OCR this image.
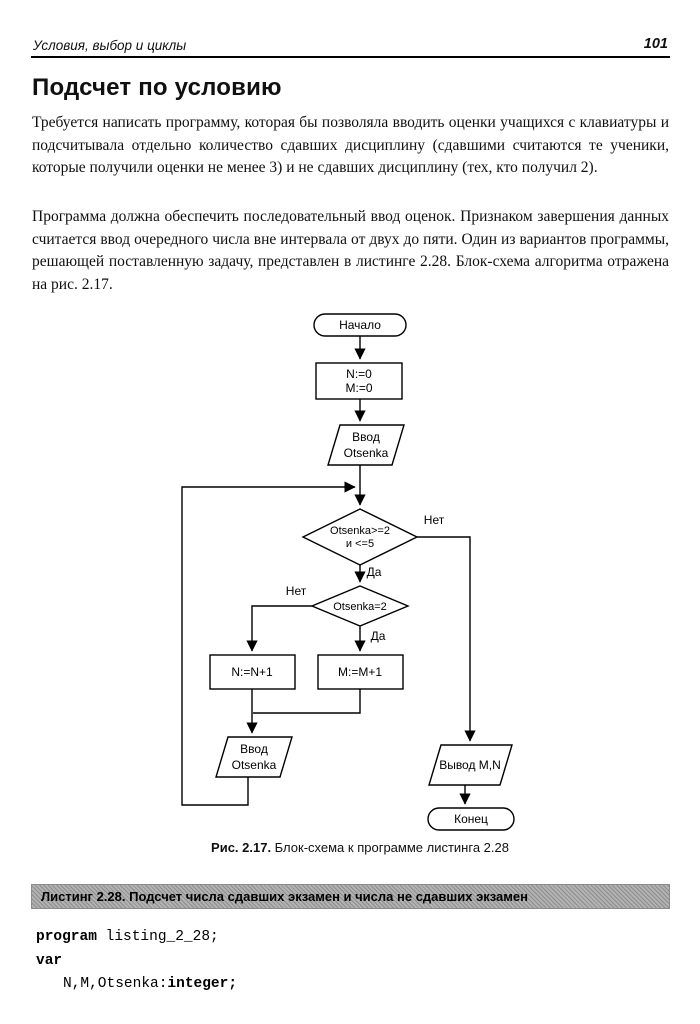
Условия, выбор и циклы	101
Подсчет по условию

Требуется написать программу, которая бы позволяла вводить оценки учащихся с клавиатуры и подсчитывала отдельно количество сдавших дисциплину (сдавшими считаются те ученики, которые получили оценки не менее 3) и не сдавших дисциплину (тех, кто получил 2).

Программа должна обеспечить последовательный ввод оценок. Признаком завершения данных считается ввод очередного числа вне интервала от двух до пяти. Один из вариантов программы, решающей поставленную задачу, представлен в листинге 2.28. Блок-схема алгоритма отражена на рис. 2.17.

Начало
N:=0
M:=0
Ввод
Otsenka
Otsenka>=2
и <=5
Нет
Да
Otsenka=2
Нет
Да
N:=N+1	M:=M+1
Ввод
Otsenka	Вывод M,N
Конец
Рис. 2.17. Блок-схема к программе листинга 2.28
Листинг 2.28. Подсчет числа сдавших экзамен и числа не сдавших экзамен
program listing_2_28;
var
N,M,Otsenka:integer;
